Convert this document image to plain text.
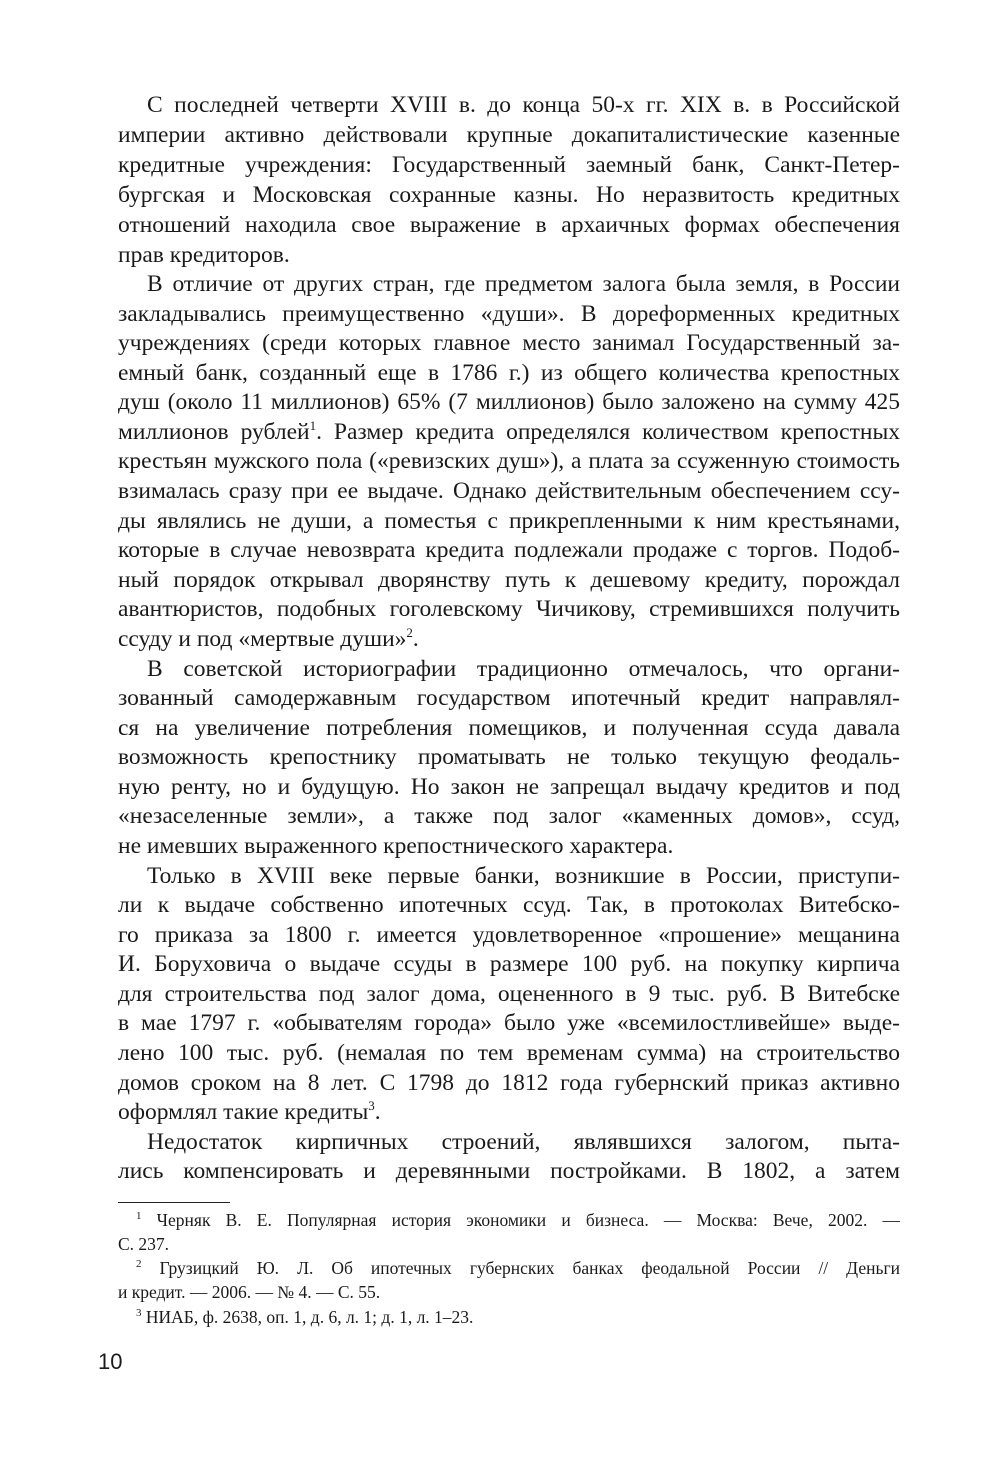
С последней четверти XVIII в. до конца 50-х гг. XIX в. в Российской
империи активно действовали крупные докапиталистические казенные
кредитные учреждения: Государственный заемный банк, Санкт-Петер-
бургская и Московская сохранные казны. Но неразвитость кредитных
отношений находила свое выражение в архаичных формах обеспечения
прав кредиторов.
В отличие от других стран, где предметом залога была земля, в России
закладывались преимущественно «души». В дореформенных кредитных
учреждениях (среди которых главное место занимал Государственный за-
емный банк, созданный еще в 1786 г.) из общего количества крепостных
душ (около 11 миллионов) 65% (7 миллионов) было заложено на сумму 425
миллионов рублей$^1$. Размер кредита определялся количеством крепостных
крестьян мужского пола («ревизских душ»), а плата за ссуженную стоимость
взималась сразу при ее выдаче. Однако действительным обеспечением ссу-
ды являлись не души, а поместья с прикрепленными к ним крестьянами,
которые в случае невозврата кредита подлежали продаже с торгов. Подоб-
ный порядок открывал дворянству путь к дешевому кредиту, порождал
авантюристов, подобных гоголевскому Чичикову, стремившихся получить
ссуду и под «мертвые души»$^2$.
В советской историографии традиционно отмечалось, что органи-
зованный самодержавным государством ипотечный кредит направлял-
ся на увеличение потребления помещиков, и полученная ссуда давала
возможность крепостнику проматывать не только текущую феодаль-
ную ренту, но и будущую. Но закон не запрещал выдачу кредитов и под
«незаселенные земли», а также под залог «каменных домов», ссуд,
не имевших выраженного крепостнического характера.
Только в XVIII веке первые банки, возникшие в России, приступи-
ли к выдаче собственно ипотечных ссуд. Так, в протоколах Витебско-
го приказа за 1800 г. имеется удовлетворенное «прошение» мещанина
И. Боруховича о выдаче ссуды в размере 100 руб. на покупку кирпича
для строительства под залог дома, оцененного в 9 тыс. руб. В Витебске
в мае 1797 г. «обывателям города» было уже «всемилостливейше» выде-
лено 100 тыс. руб. (немалая по тем временам сумма) на строительство
домов сроком на 8 лет. С 1798 до 1812 года губернский приказ активно
оформлял такие кредиты$^3$.
Недостаток кирпичных строений, являвшихся залогом, пыта-
лись компенсировать и деревянными постройками. В 1802, а затем
$^1$ Черняк В. Е. Популярная история экономики и бизнеса. — Москва: Вече, 2002. —
С. 237.
$^2$ Грузицкий Ю. Л. Об ипотечных губернских банках феодальной России // Деньги
и кредит. — 2006. — № 4. — С. 55.
$^3$ НИАБ, ф. 2638, оп. 1, д. 6, л. 1; д. 1, л. 1–23.
10
